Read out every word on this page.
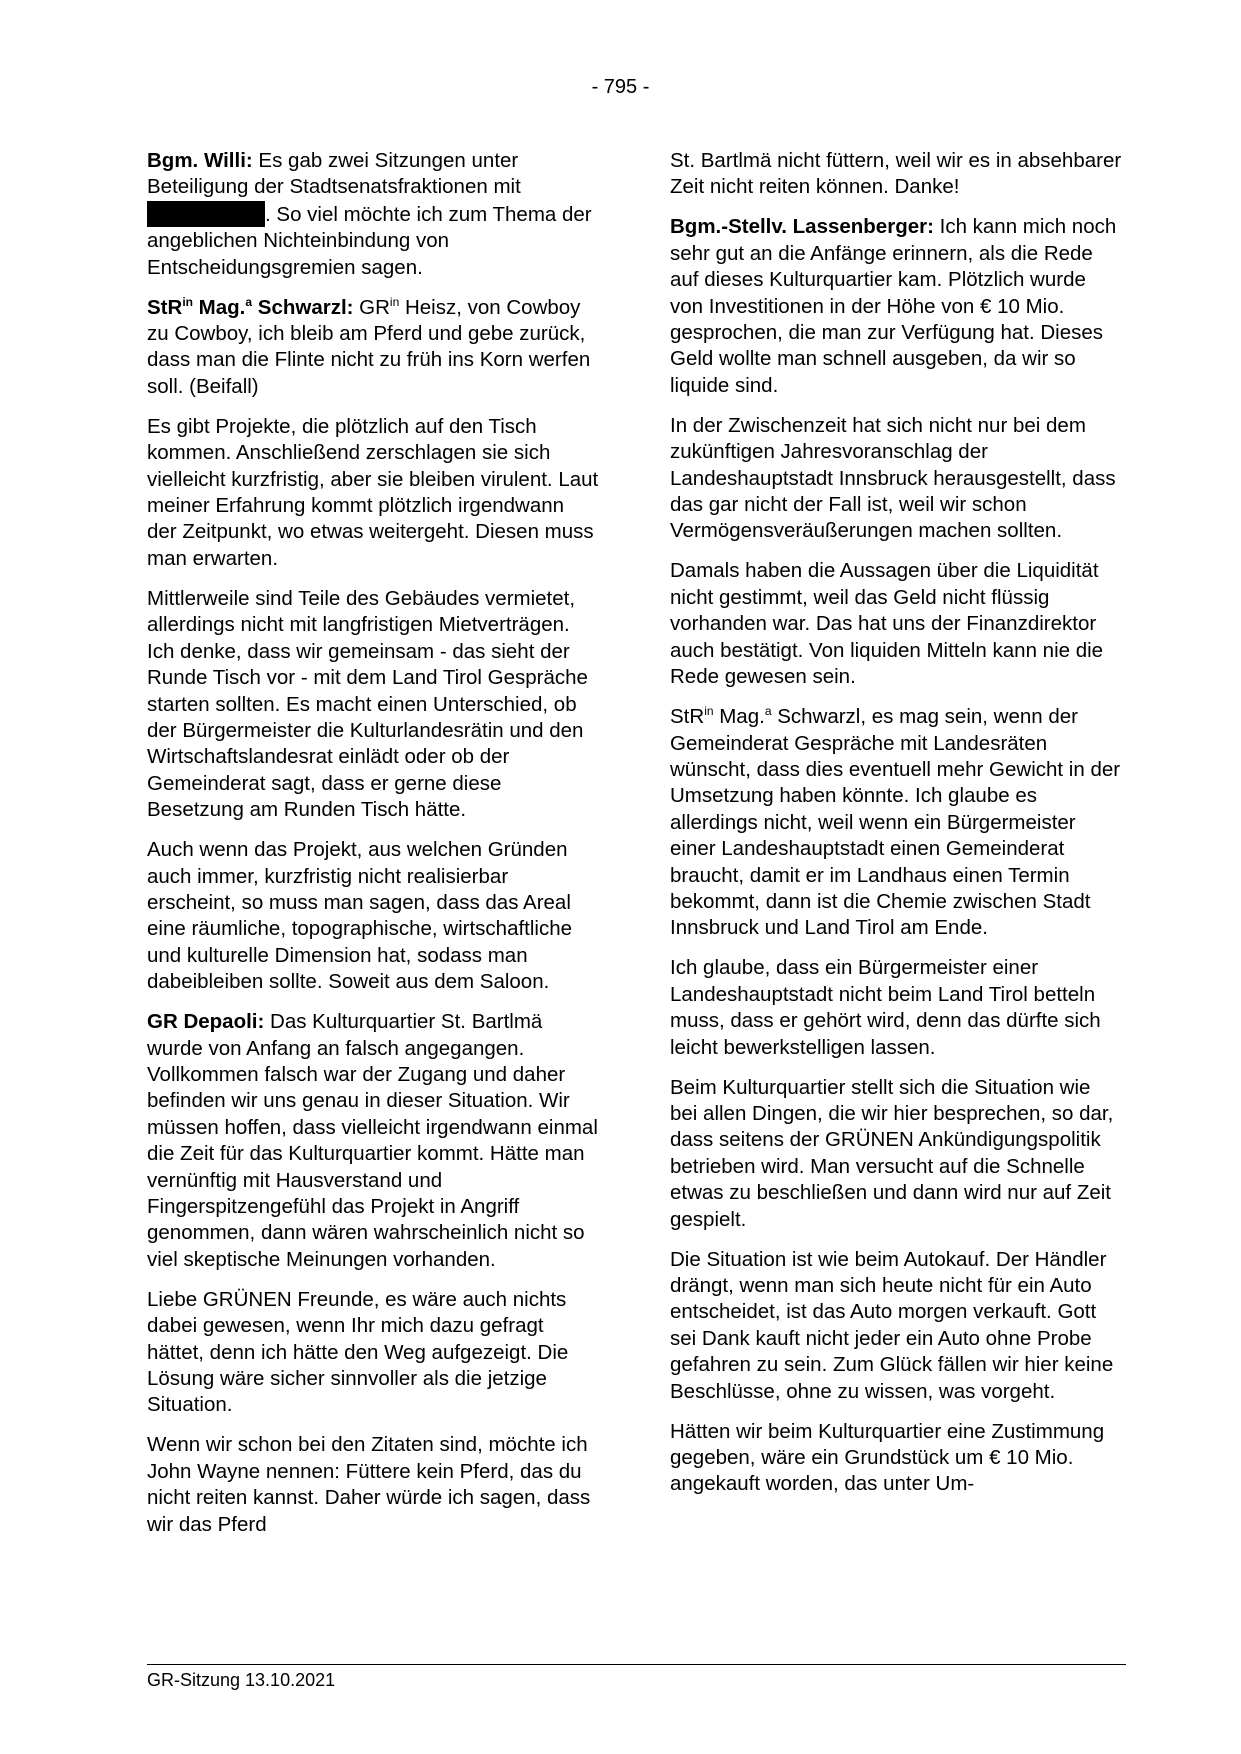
- 795 -

Bgm. Willi: Es gab zwei Sitzungen unter Beteiligung der Stadtsenatsfraktionen mit . So viel möchte ich zum Thema der angeblichen Nichteinbindung von Entscheidungsgremien sagen.

StR$^{in}$ Mag.$^a$ Schwarzl: $GR^{in}$ Heisz, von Cowboy zu Cowboy, ich bleib am Pferd und gebe zurück, dass man die Flinte nicht zu früh ins Korn werfen soll. (Beifall)

Es gibt Projekte, die plötzlich auf den Tisch kommen. Anschließend zerschlagen sie sich vielleicht kurzfristig, aber sie bleiben virulent. Laut meiner Erfahrung kommt plötzlich irgendwann der Zeitpunkt, wo etwas weitergeht. Diesen muss man erwarten.

Mittlerweile sind Teile des Gebäudes vermietet, allerdings nicht mit langfristigen Mietverträgen. Ich denke, dass wir gemeinsam - das sieht der Runde Tisch vor - mit dem Land Tirol Gespräche starten sollten. Es macht einen Unterschied, ob der Bürgermeister die Kulturlandesrätin und den Wirtschaftslandesrat einlädt oder ob der Gemeinderat sagt, dass er gerne diese Besetzung am Runden Tisch hätte.

Auch wenn das Projekt, aus welchen Gründen auch immer, kurzfristig nicht realisierbar erscheint, so muss man sagen, dass das Areal eine räumliche, topographische, wirtschaftliche und kulturelle Dimension hat, sodass man dabeibleiben sollte. Soweit aus dem Saloon.

GR Depaoli: Das Kulturquartier St. Bartlmä wurde von Anfang an falsch angegangen. Vollkommen falsch war der Zugang und daher befinden wir uns genau in dieser Situation. Wir müssen hoffen, dass vielleicht irgendwann einmal die Zeit für das Kulturquartier kommt. Hätte man vernünftig mit Hausverstand und Fingerspitzengefühl das Projekt in Angriff genommen, dann wären wahrscheinlich nicht so viel skeptische Meinungen vorhanden.

Liebe GRÜNEN Freunde, es wäre auch nichts dabei gewesen, wenn Ihr mich dazu gefragt hättet, denn ich hätte den Weg aufgezeigt. Die Lösung wäre sicher sinnvoller als die jetzige Situation.

Wenn wir schon bei den Zitaten sind, möchte ich John Wayne nennen: Füttere kein Pferd, das du nicht reiten kannst. Daher würde ich sagen, dass wir das Pferd

St. Bartlmä nicht füttern, weil wir es in absehbarer Zeit nicht reiten können. Danke!

Bgm.-Stellv. Lassenberger: Ich kann mich noch sehr gut an die Anfänge erinnern, als die Rede auf dieses Kulturquartier kam. Plötzlich wurde von Investitionen in der Höhe von € 10 Mio. gesprochen, die man zur Verfügung hat. Dieses Geld wollte man schnell ausgeben, da wir so liquide sind.

In der Zwischenzeit hat sich nicht nur bei dem zukünftigen Jahresvoranschlag der Landeshauptstadt Innsbruck herausgestellt, dass das gar nicht der Fall ist, weil wir schon Vermögensveräußerungen machen sollten.

Damals haben die Aussagen über die Liquidität nicht gestimmt, weil das Geld nicht flüssig vorhanden war. Das hat uns der Finanzdirektor auch bestätigt. Von liquiden Mitteln kann nie die Rede gewesen sein.

StR$^{in}$ Mag.$^a$ Schwarzl, es mag sein, wenn der Gemeinderat Gespräche mit Landesräten wünscht, dass dies eventuell mehr Gewicht in der Umsetzung haben könnte. Ich glaube es allerdings nicht, weil wenn ein Bürgermeister einer Landeshauptstadt einen Gemeinderat braucht, damit er im Landhaus einen Termin bekommt, dann ist die Chemie zwischen Stadt Innsbruck und Land Tirol am Ende.

Ich glaube, dass ein Bürgermeister einer Landeshauptstadt nicht beim Land Tirol betteln muss, dass er gehört wird, denn das dürfte sich leicht bewerkstelligen lassen.

Beim Kulturquartier stellt sich die Situation wie bei allen Dingen, die wir hier besprechen, so dar, dass seitens der GRÜNEN Ankündigungspolitik betrieben wird. Man versucht auf die Schnelle etwas zu beschließen und dann wird nur auf Zeit gespielt.

Die Situation ist wie beim Autokauf. Der Händler drängt, wenn man sich heute nicht für ein Auto entscheidet, ist das Auto morgen verkauft. Gott sei Dank kauft nicht jeder ein Auto ohne Probe gefahren zu sein. Zum Glück fällen wir hier keine Beschlüsse, ohne zu wissen, was vorgeht.

Hätten wir beim Kulturquartier eine Zustimmung gegeben, wäre ein Grundstück um € 10 Mio. angekauft worden, das unter Um-

GR-Sitzung 13.10.2021
